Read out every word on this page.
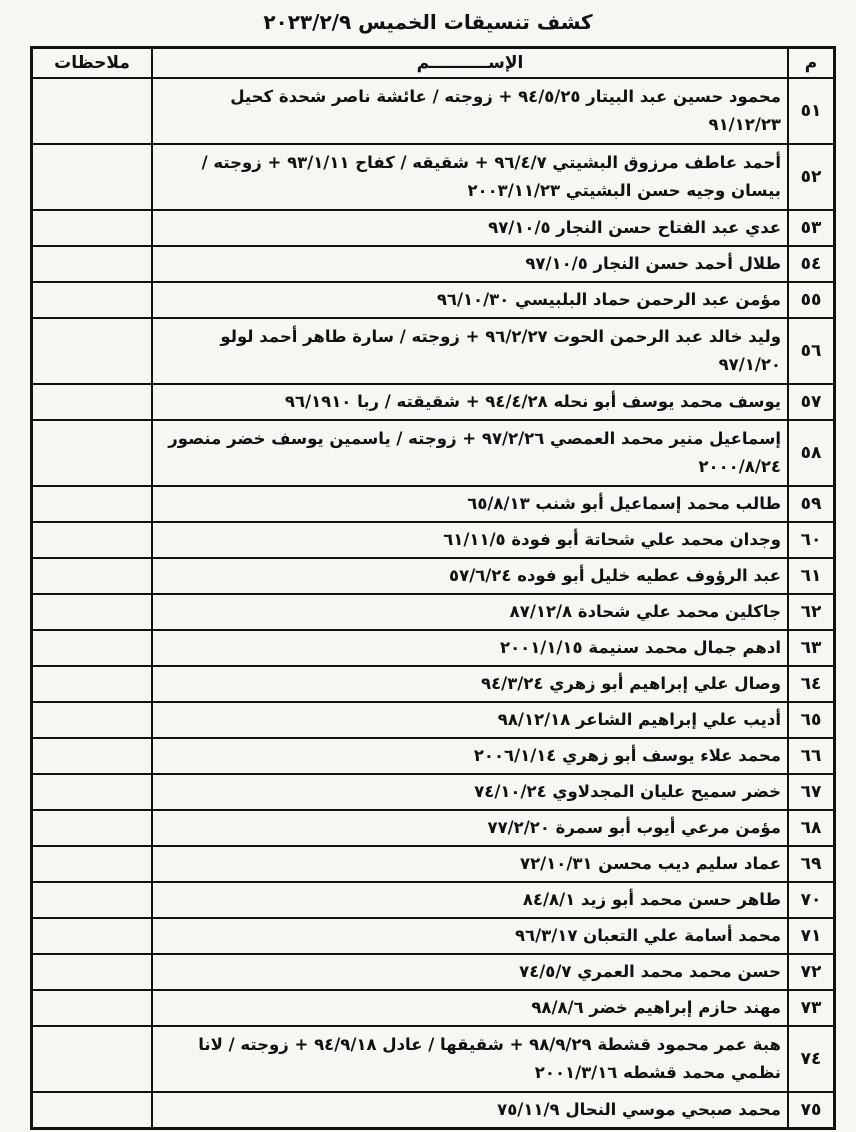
كشف تنسيقات الخميس ٢٠٢٣/٢/٩
م	الإســــــــــم	ملاحظات
٥١	محمود حسين عبد البيتار ٩٤/٥/٢٥ + زوجته / عائشة ناصر شحدة كحيل ٩١/١٢/٢٣	
٥٢	أحمد عاطف مرزوق البشيتي ٩٦/٤/٧ + شقيقه / كفاح ٩٣/١/١١ + زوجته / بيسان وجيه حسن البشيتي ٢٠٠٣/١١/٢٣	
٥٣	عدي عبد الفتاح حسن النجار ٩٧/١٠/٥	
٥٤	طلال أحمد حسن النجار ٩٧/١٠/٥	
٥٥	مؤمن عبد الرحمن حماد البلبيسي ٩٦/١٠/٣٠	
٥٦	وليد خالد عبد الرحمن الحوت ٩٦/٢/٢٧ + زوجته / سارة طاهر أحمد لولو ٩٧/١/٢٠	
٥٧	يوسف محمد يوسف أبو نحله ٩٤/٤/٢٨ + شقيقته / ربا ٩٦/١٩١٠	
٥٨	إسماعيل منير محمد العمصي ٩٧/٢/٢٦ + زوجته / ياسمين يوسف خضر منصور ٢٠٠٠/٨/٢٤	
٥٩	طالب محمد إسماعيل أبو شنب ٦٥/٨/١٣	
٦٠	وجدان محمد علي شحاتة أبو فودة ٦١/١١/٥	
٦١	عبد الرؤوف عطيه خليل أبو فوده ٥٧/٦/٢٤	
٦٢	جاكلين محمد علي شحادة ٨٧/١٢/٨	
٦٣	ادهم جمال محمد سنيمة ٢٠٠١/١/١٥	
٦٤	وصال علي إبراهيم أبو زهري ٩٤/٣/٢٤	
٦٥	أديب علي إبراهيم الشاعر ٩٨/١٢/١٨	
٦٦	محمد علاء يوسف أبو زهري ٢٠٠٦/١/١٤	
٦٧	خضر سميح عليان المجدلاوي ٧٤/١٠/٢٤	
٦٨	مؤمن مرعي أيوب أبو سمرة ٧٧/٢/٢٠	
٦٩	عماد سليم ديب محسن ٧٢/١٠/٣١	
٧٠	طاهر حسن محمد أبو زيد ٨٤/٨/١	
٧١	محمد أسامة علي التعبان ٩٦/٣/١٧	
٧٢	حسن محمد محمد العمري ٧٤/٥/٧	
٧٣	مهند حازم إبراهيم خضر ٩٨/٨/٦	
٧٤	هبة عمر محمود قشطة ٩٨/٩/٢٩ + شقيقها / عادل ٩٤/٩/١٨ + زوجته / لانا نظمي محمد قشطه ٢٠٠١/٣/١٦	
٧٥	محمد صبحي موسي النحال ٧٥/١١/٩	
